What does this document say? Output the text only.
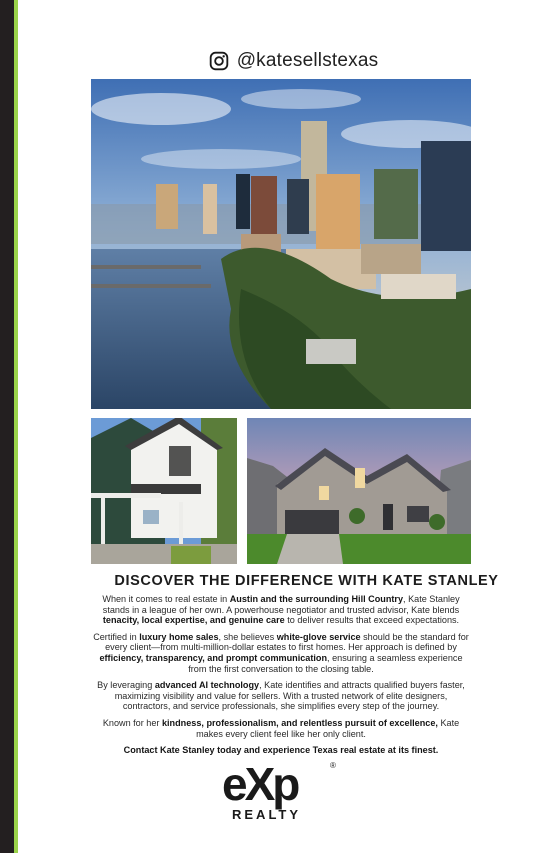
@katesellstexas
DISCOVER THE DIFFERENCE WITH KATE STANLEY

When it comes to real estate in Austin and the surrounding Hill Country, Kate Stanley stands in a league of her own. A powerhouse negotiator and trusted advisor, Kate blends tenacity, local expertise, and genuine care to deliver results that exceed expectations.

Certified in luxury home sales, she believes white-glove service should be the standard for every client—from multi-million-dollar estates to first homes. Her approach is defined by efficiency, transparency, and prompt communication, ensuring a seamless experience from the first conversation to the closing table.

By leveraging advanced AI technology, Kate identifies and attracts qualified buyers faster, maximizing visibility and value for sellers. With a trusted network of elite designers, contractors, and service professionals, she simplifies every step of the journey.

Known for her kindness, professionalism, and relentless pursuit of excellence, Kate makes every client feel like her only client.

Contact Kate Stanley today and experience Texas real estate at its finest.

eXp	®
REALTY
